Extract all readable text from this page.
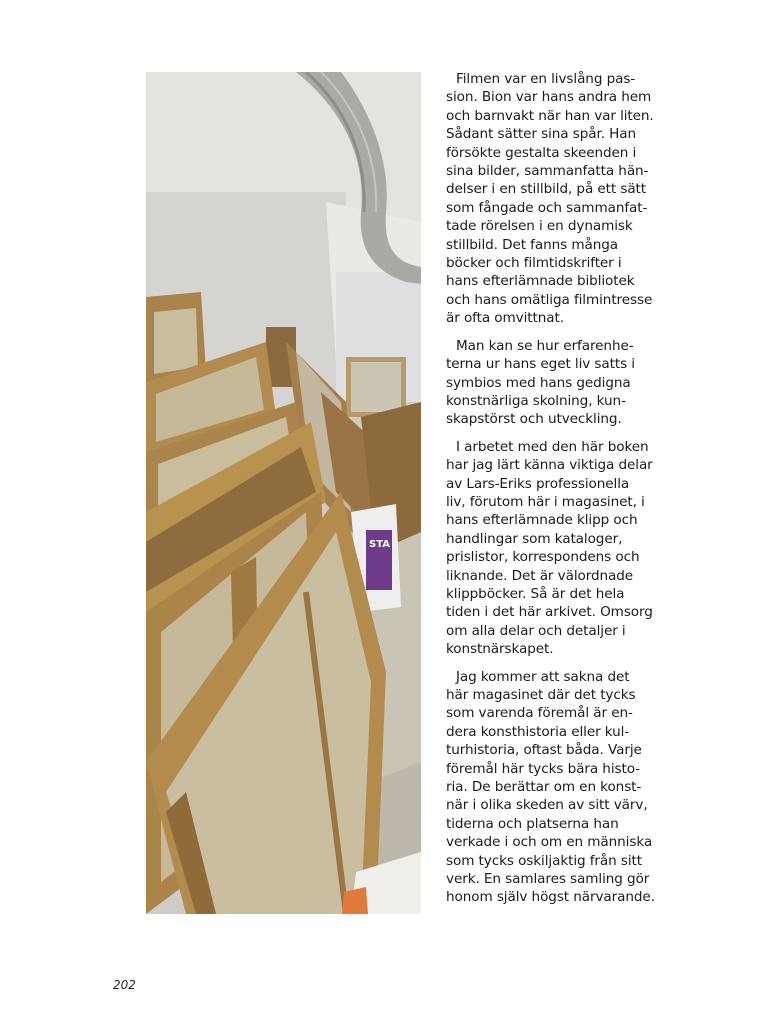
STA

Filmen var en livslång pas-
sion. Bion var hans andra hem
och barnvakt när han var liten.
Sådant sätter sina spår. Han
försökte gestalta skeenden i
sina bilder, sammanfatta hän-
delser i en stillbild, på ett sätt
som fångade och sammanfat-
tade rörelsen i en dynamisk
stillbild. Det fanns många
böcker och filmtidskrifter i
hans efterlämnade bibliotek
och hans omätliga filmintresse
är ofta omvittnat.

Man kan se hur erfarenhe-
terna ur hans eget liv satts i
symbios med hans gedigna
konstnärliga skolning, kun-
skapstörst och utveckling.

I arbetet med den här boken
har jag lärt känna viktiga delar
av Lars-Eriks professionella
liv, förutom här i magasinet, i
hans efterlämnade klipp och
handlingar som kataloger,
prislistor, korrespondens och
liknande. Det är välordnade
klippböcker. Så är det hela
tiden i det här arkivet. Omsorg
om alla delar och detaljer i
konstnärskapet.

Jag kommer att sakna det
här magasinet där det tycks
som varenda föremål är en-
dera konsthistoria eller kul-
turhistoria, oftast båda. Varje
föremål här tycks bära histo-
ria. De berättar om en konst-
när i olika skeden av sitt värv,
tiderna och platserna han
verkade i och om en människa
som tycks oskiljaktig från sitt
verk. En samlares samling gör
honom själv högst närvarande.

202
